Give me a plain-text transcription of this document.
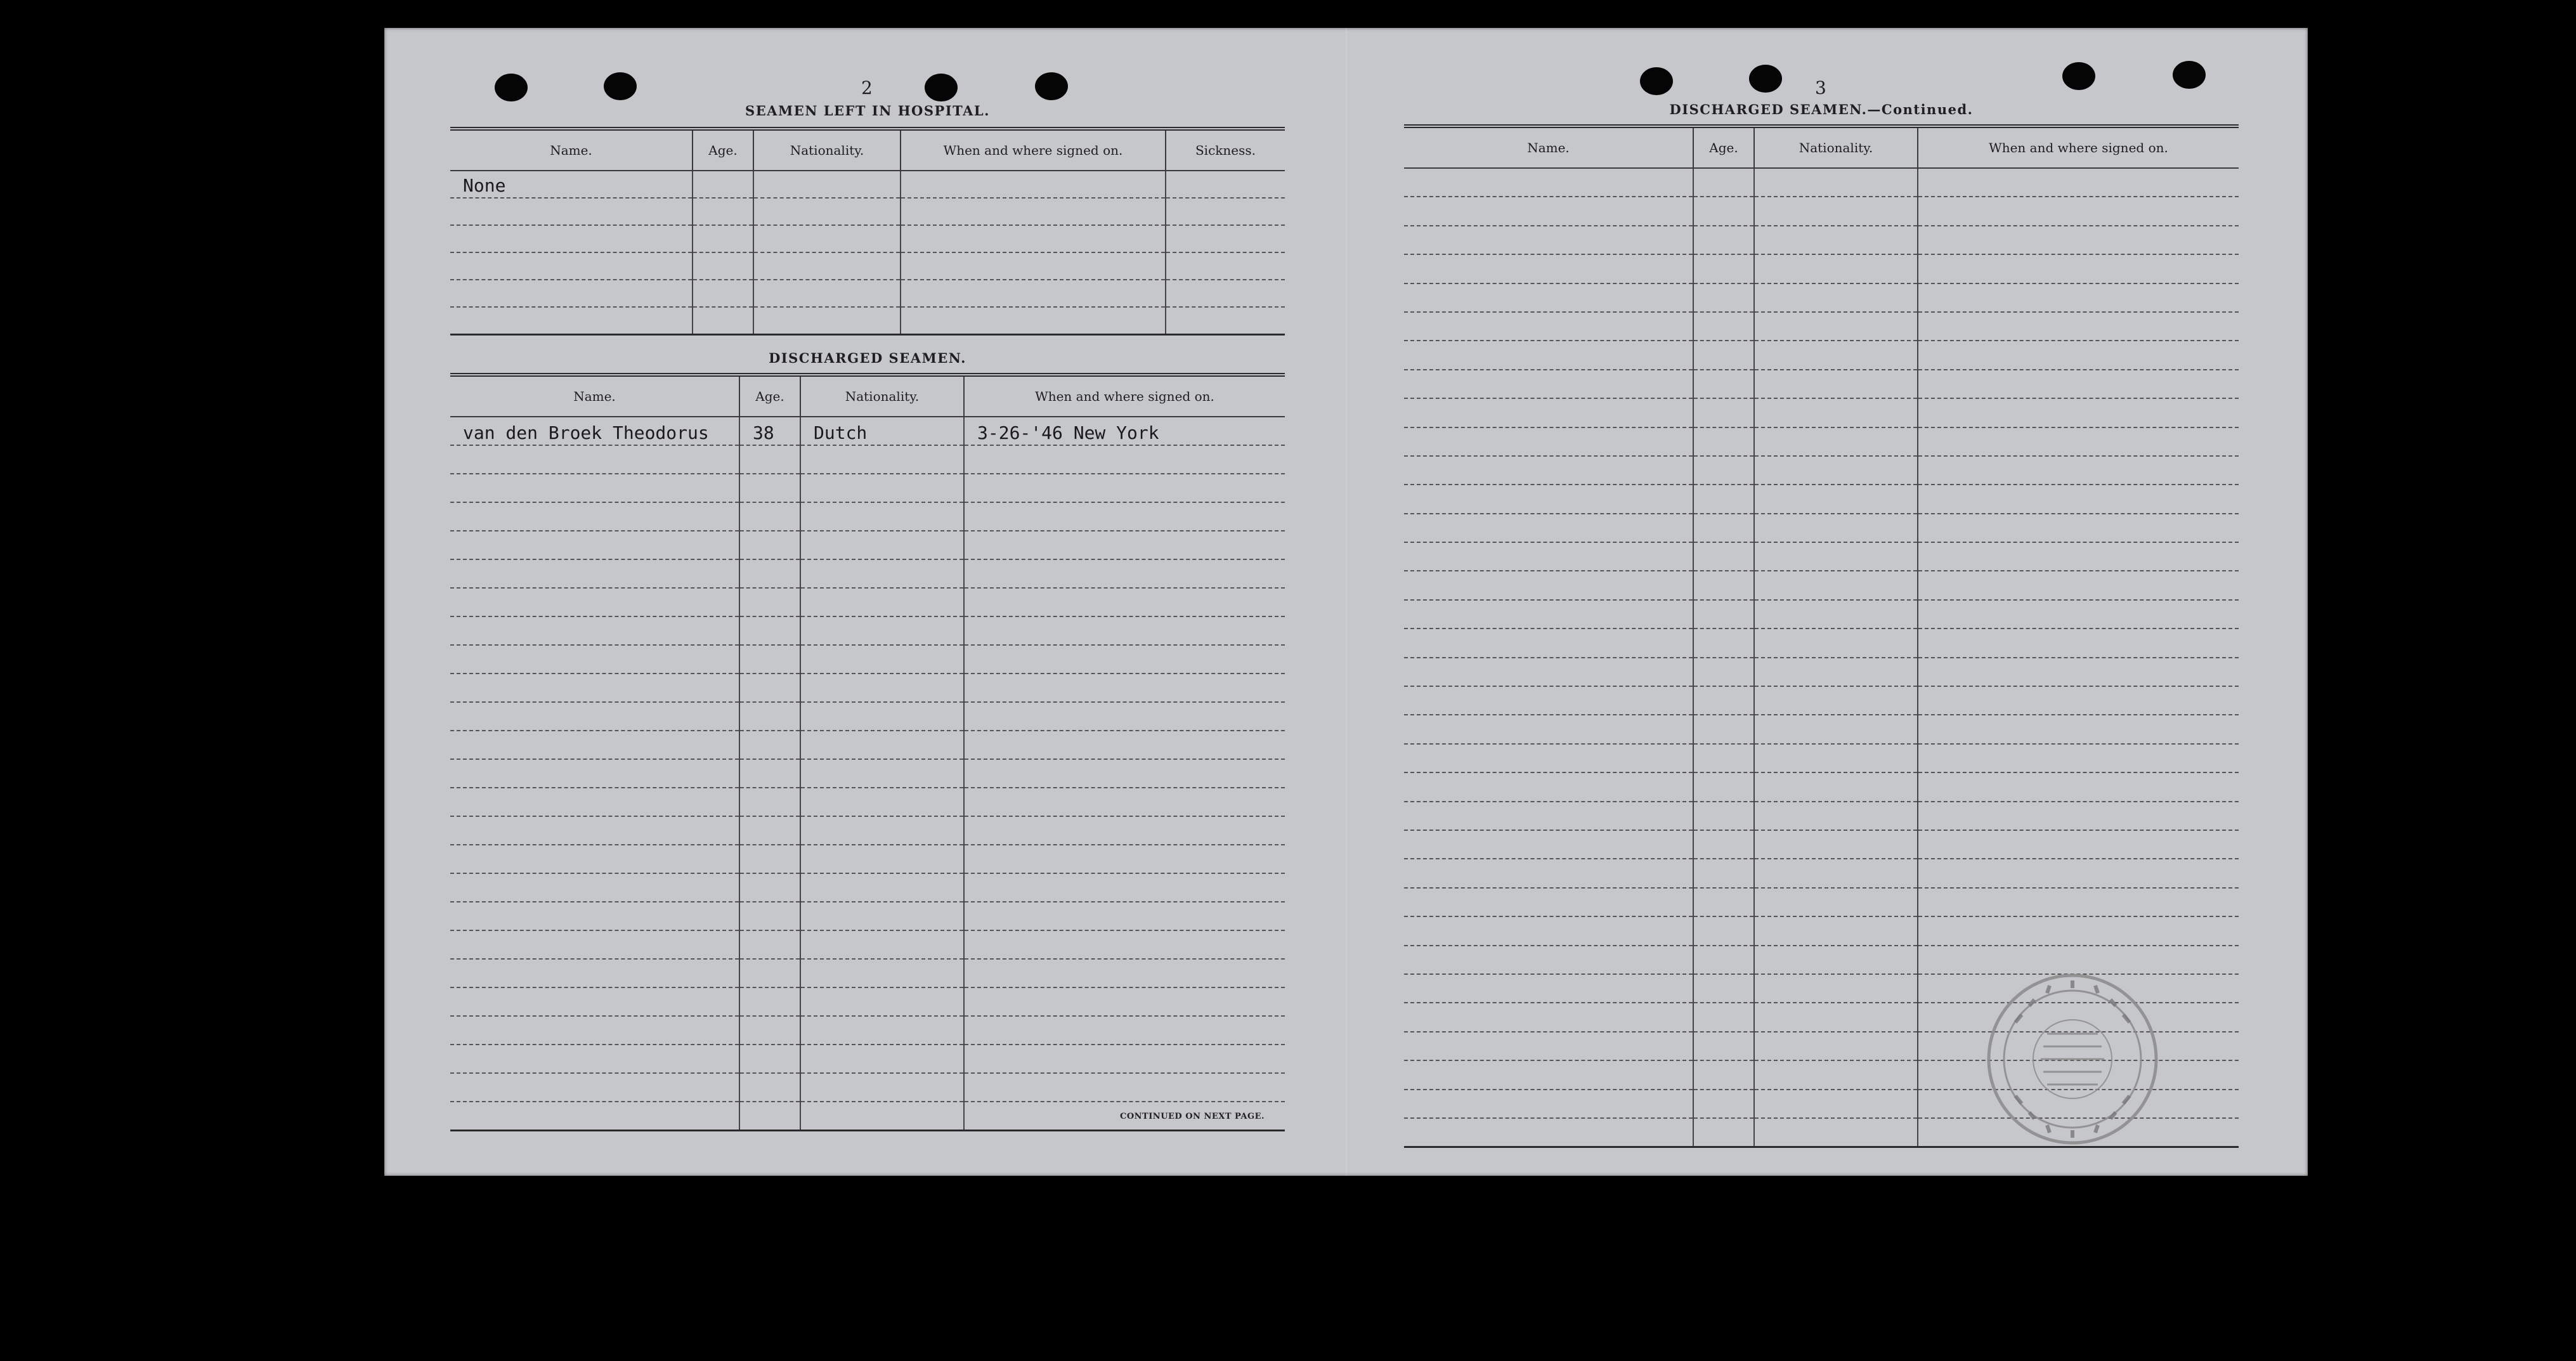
2
SEAMEN LEFT IN HOSPITAL.
Name.	Age.	Nationality.	When and where signed on.	Sickness.
None				

DISCHARGED SEAMEN.
Name.	Age.	Nationality.	When and where signed on.
van den Broek Theodorus	38	Dutch	3-26-'46 New York

CONTINUED ON NEXT PAGE.
3
DISCHARGED SEAMEN.—Continued.
Name.	Age.	Nationality.	When and where signed on.
